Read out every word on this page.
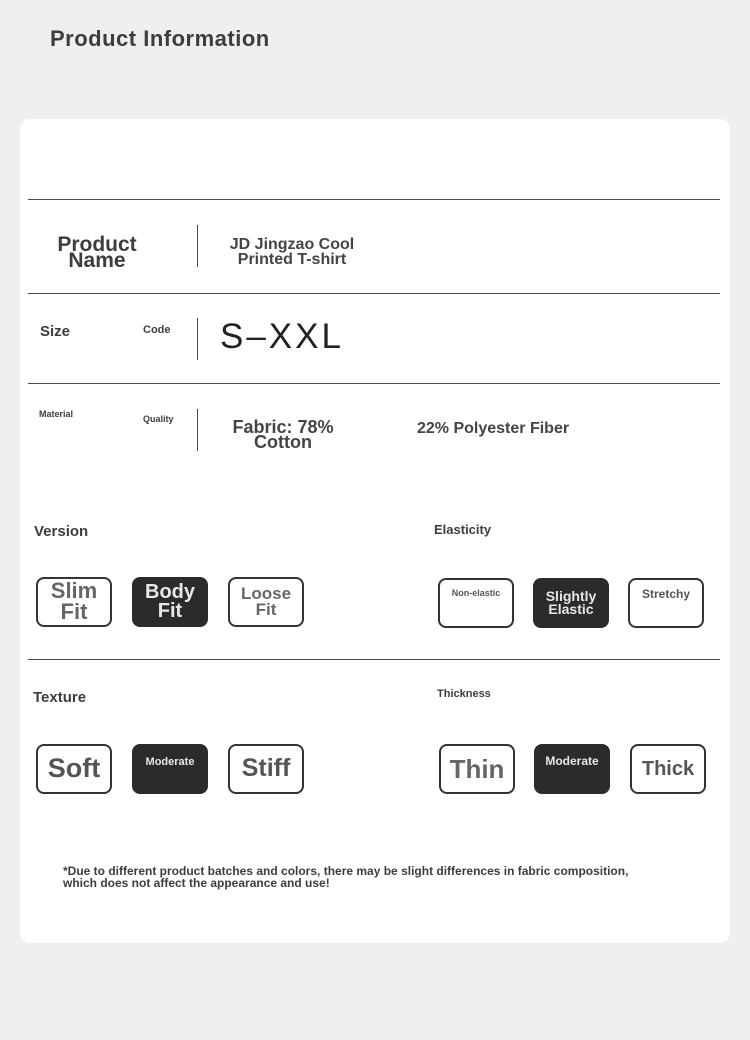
Product Information
Product Name
JD Jingzao Cool Printed T-shirt
Size	Code S–XXL
Material	Quality	Fabric: 78% Cotton
22% Polyester Fiber
Version
Slim Fit
Body Fit
Loose Fit
Elasticity
Non-elastic	Slightly Elastic
Stretchy
Texture
Soft	Moderate Stiff
Thickness
Thin	Moderate Thick
*Due to different product batches and colors, there may be slight differences in fabric composition, which does not affect the appearance and use!
